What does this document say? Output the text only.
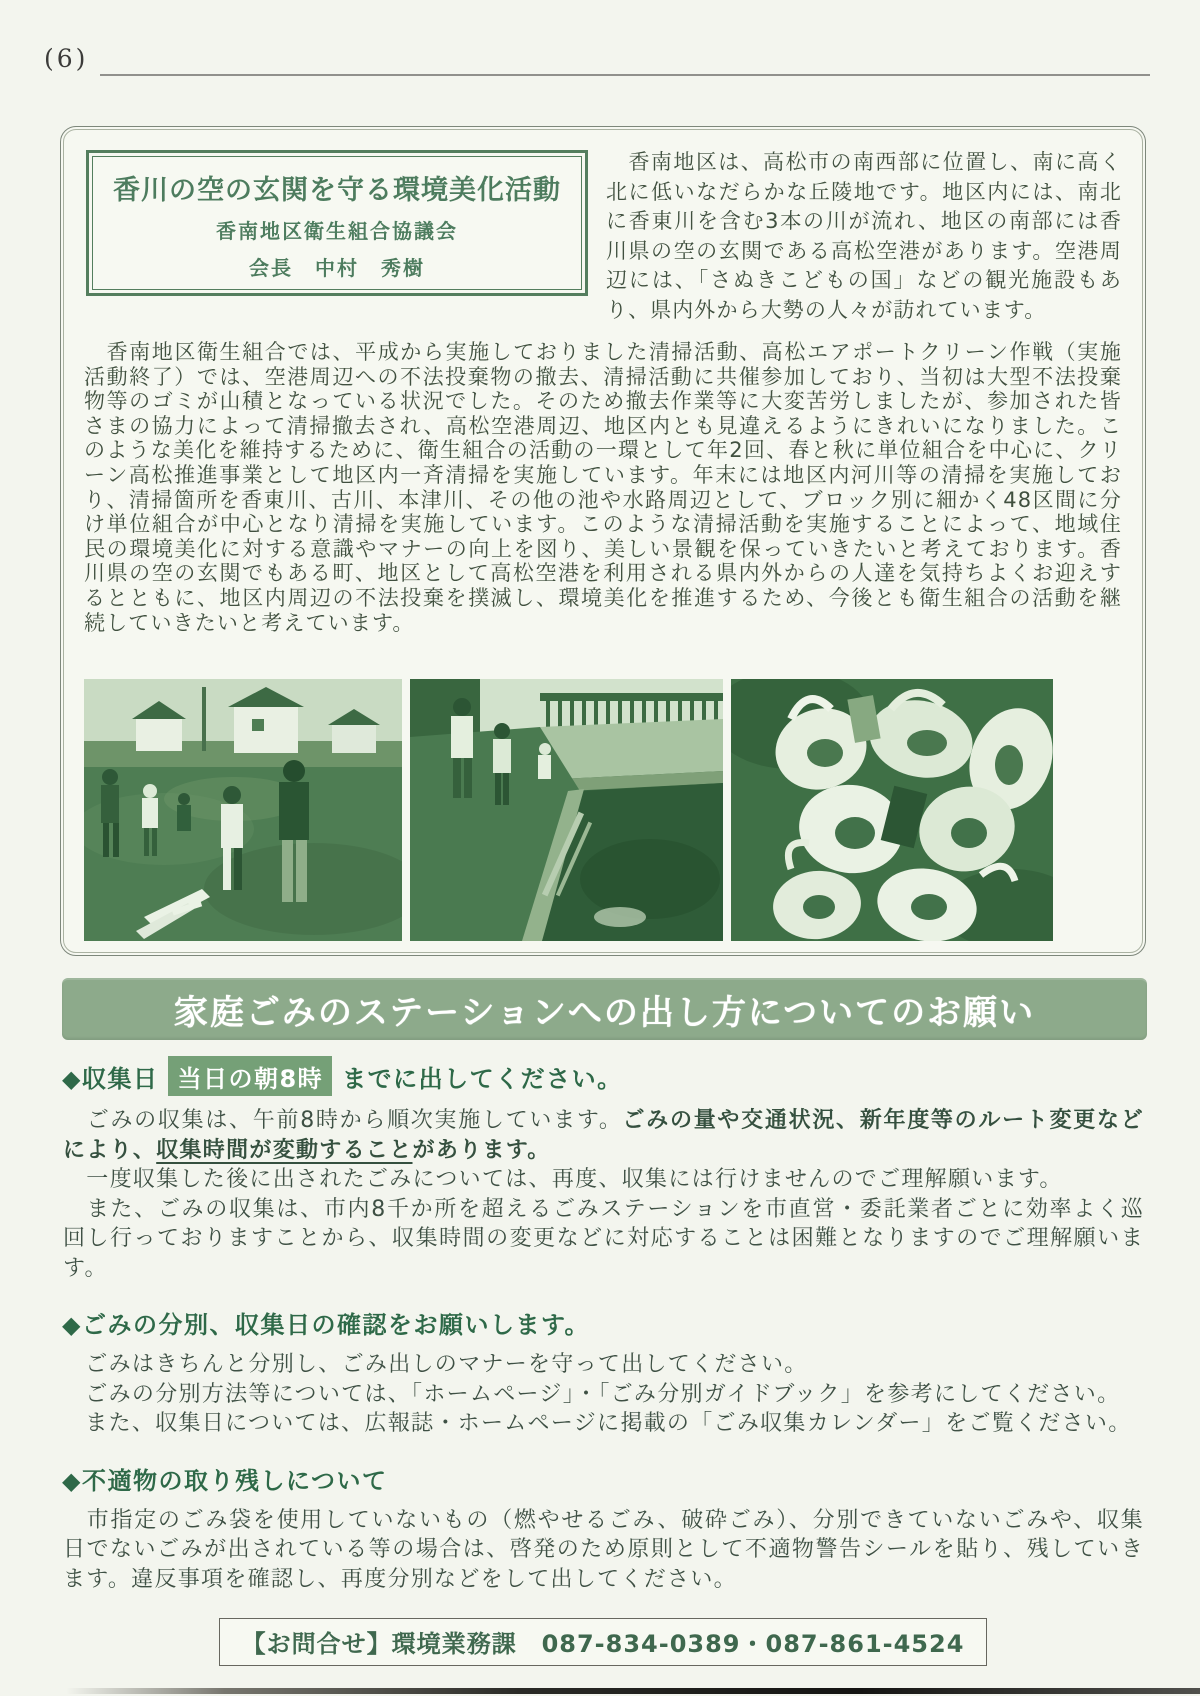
(6)
香川の空の玄関を守る環境美化活動
香南地区衛生組合協議会
会長　中村　秀樹

　香南地区は、高松市の南西部に位置し、南に高く北に低いなだらかな丘陵地です。地区内には、南北に香東川を含む3本の川が流れ、地区の南部には香川県の空の玄関である高松空港があります。空港周辺には、「さぬきこどもの国」などの観光施設もあり、県内外から大勢の人々が訪れています。

　香南地区衛生組合では、平成から実施しておりました清掃活動、高松エアポートクリーン作戦（実施活動終了）では、空港周辺への不法投棄物の撤去、清掃活動に共催参加しており、当初は大型不法投棄物等のゴミが山積となっている状況でした。そのため撤去作業等に大変苦労しましたが、参加された皆さまの協力によって清掃撤去され、高松空港周辺、地区内とも見違えるようにきれいになりました。このような美化を維持するために、衛生組合の活動の一環として年2回、春と秋に単位組合を中心に、クリーン高松推進事業として地区内一斉清掃を実施しています。年末には地区内河川等の清掃を実施しており、清掃箇所を香東川、古川、本津川、その他の池や水路周辺として、ブロック別に細かく48区間に分け単位組合が中心となり清掃を実施しています。このような清掃活動を実施することによって、地域住民の環境美化に対する意識やマナーの向上を図り、美しい景観を保っていきたいと考えております。香川県の空の玄関でもある町、地区として高松空港を利用される県内外からの人達を気持ちよくお迎えするとともに、地区内周辺の不法投棄を撲滅し、環境美化を推進するため、今後とも衛生組合の活動を継続していきたいと考えています。

家庭ごみのステーションへの出し方についてのお願い
◆収集日 当日の朝8時 までに出してください。

　ごみの収集は、午前8時から順次実施しています。ごみの量や交通状況、新年度等のルート変更などにより、収集時間が変動することがあります。

　一度収集した後に出されたごみについては、再度、収集には行けませんのでご理解願います。

　また、ごみの収集は、市内8千か所を超えるごみステーションを市直営・委託業者ごとに効率よく巡回し行っておりますことから、収集時間の変更などに対応することは困難となりますのでご理解願います。

◆ごみの分別、収集日の確認をお願いします。

　ごみはきちんと分別し、ごみ出しのマナーを守って出してください。

　ごみの分別方法等については、「ホームページ」・「ごみ分別ガイドブック」を参考にしてください。

　また、収集日については、広報誌・ホームページに掲載の「ごみ収集カレンダー」をご覧ください。

◆不適物の取り残しについて

　市指定のごみ袋を使用していないもの（燃やせるごみ、破砕ごみ）、分別できていないごみや、収集日でないごみが出されている等の場合は、啓発のため原則として不適物警告シールを貼り、残していきます。違反事項を確認し、再度分別などをして出してください。

【お問合せ】環境業務課　087-834-0389・087-861-4524
